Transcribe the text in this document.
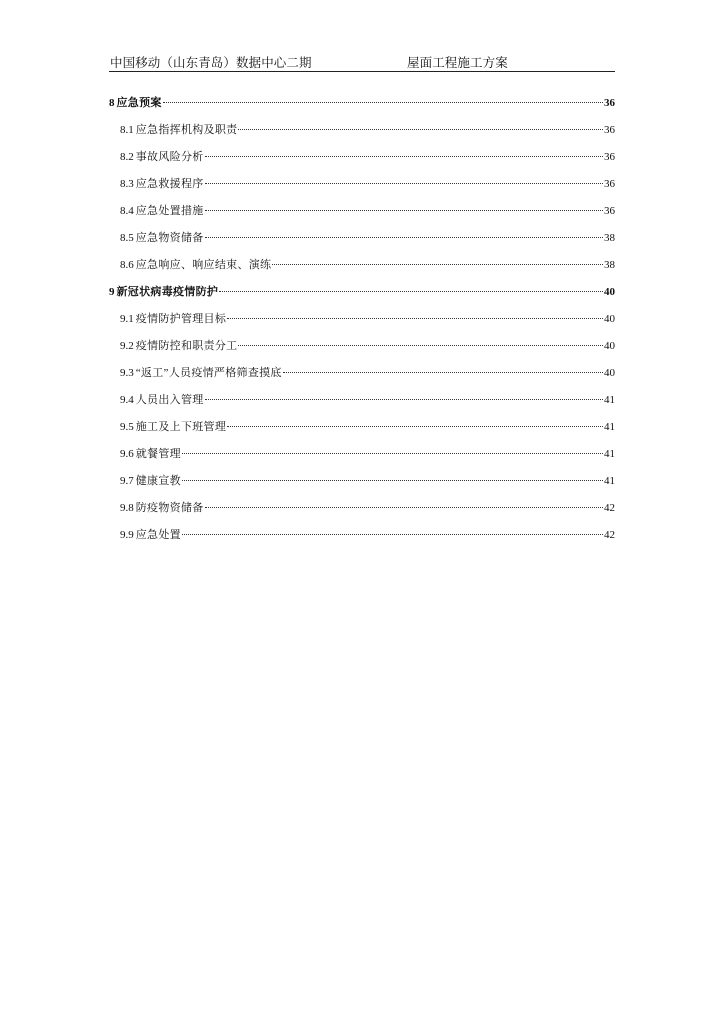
中国移动（山东青岛）数据中心二期	屋面工程施工方案
8 应急预案	36
8.1 应急指挥机构及职责	36
8.2 事故风险分析	36
8.3 应急救援程序	36
8.4 应急处置措施	36
8.5 应急物资储备	38
8.6 应急响应、响应结束、演练	38
9 新冠状病毒疫情防护	40
9.1 疫情防护管理目标	40
9.2 疫情防控和职责分工	40
9.3 “返工”人员疫情严格筛查摸底	40
9.4 人员出入管理	41
9.5 施工及上下班管理	41
9.6 就餐管理	41
9.7 健康宣教	41
9.8 防疫物资储备	42
9.9 应急处置	42
